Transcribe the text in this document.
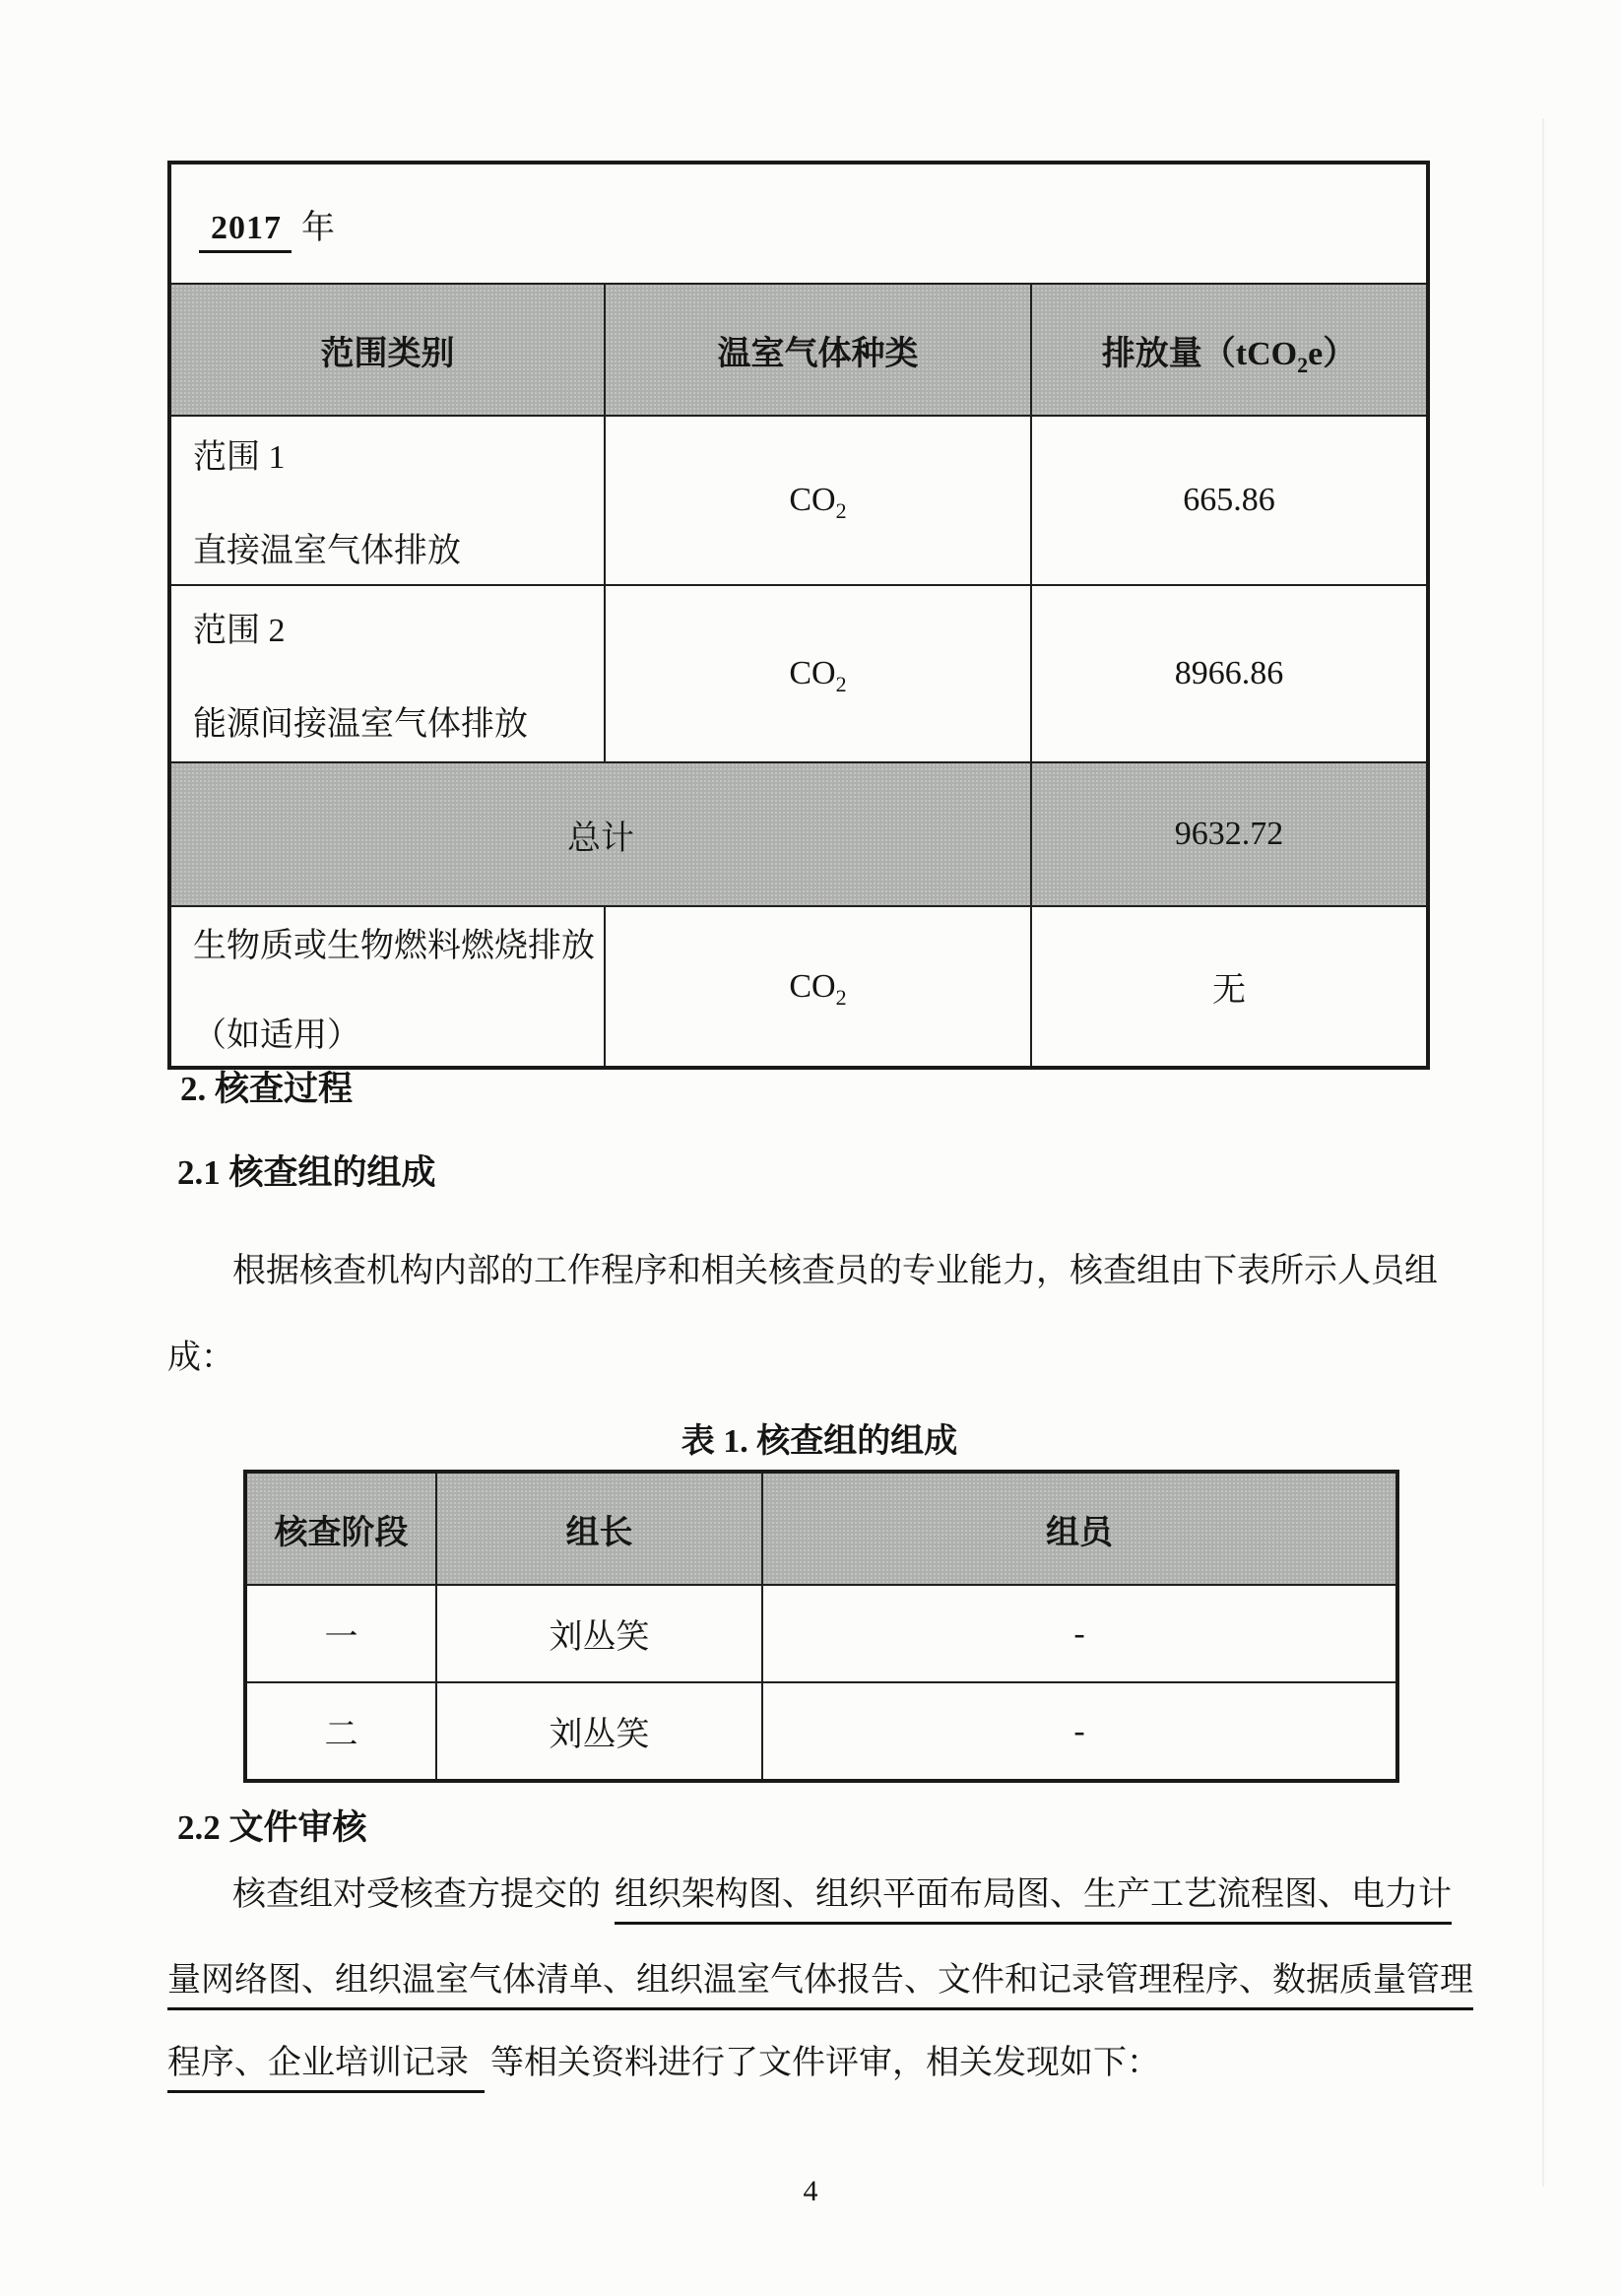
2017 年		
范围类别	温室气体种类	排放量（tCO$_2$e）

范围 1
直接温室气体排放	$CO_2$	665.86

范围 2
能源间接温室气体排放	$CO_2$	8966.86
总计		9632.72

生物质或生物燃料燃烧排放
（如适用）	$CO_2$	无
2. 核查过程
2.1 核查组的组成
根据核查机构内部的工作程序和相关核查员的专业能力，核查组由下表所示人员组
成：
表 1. 核查组的组成
核查阶段	组长	组员
一	刘丛笑	-
二	刘丛笑	-
2.2 文件审核
核查组对受核查方提交的 组织架构图、组织平面布局图、生产工艺流程图、电力计
量网络图、组织温室气体清单、组织温室气体报告、文件和记录管理程序、数据质量管理
程序、企业培训记录 等相关资料进行了文件评审，相关发现如下：
4
